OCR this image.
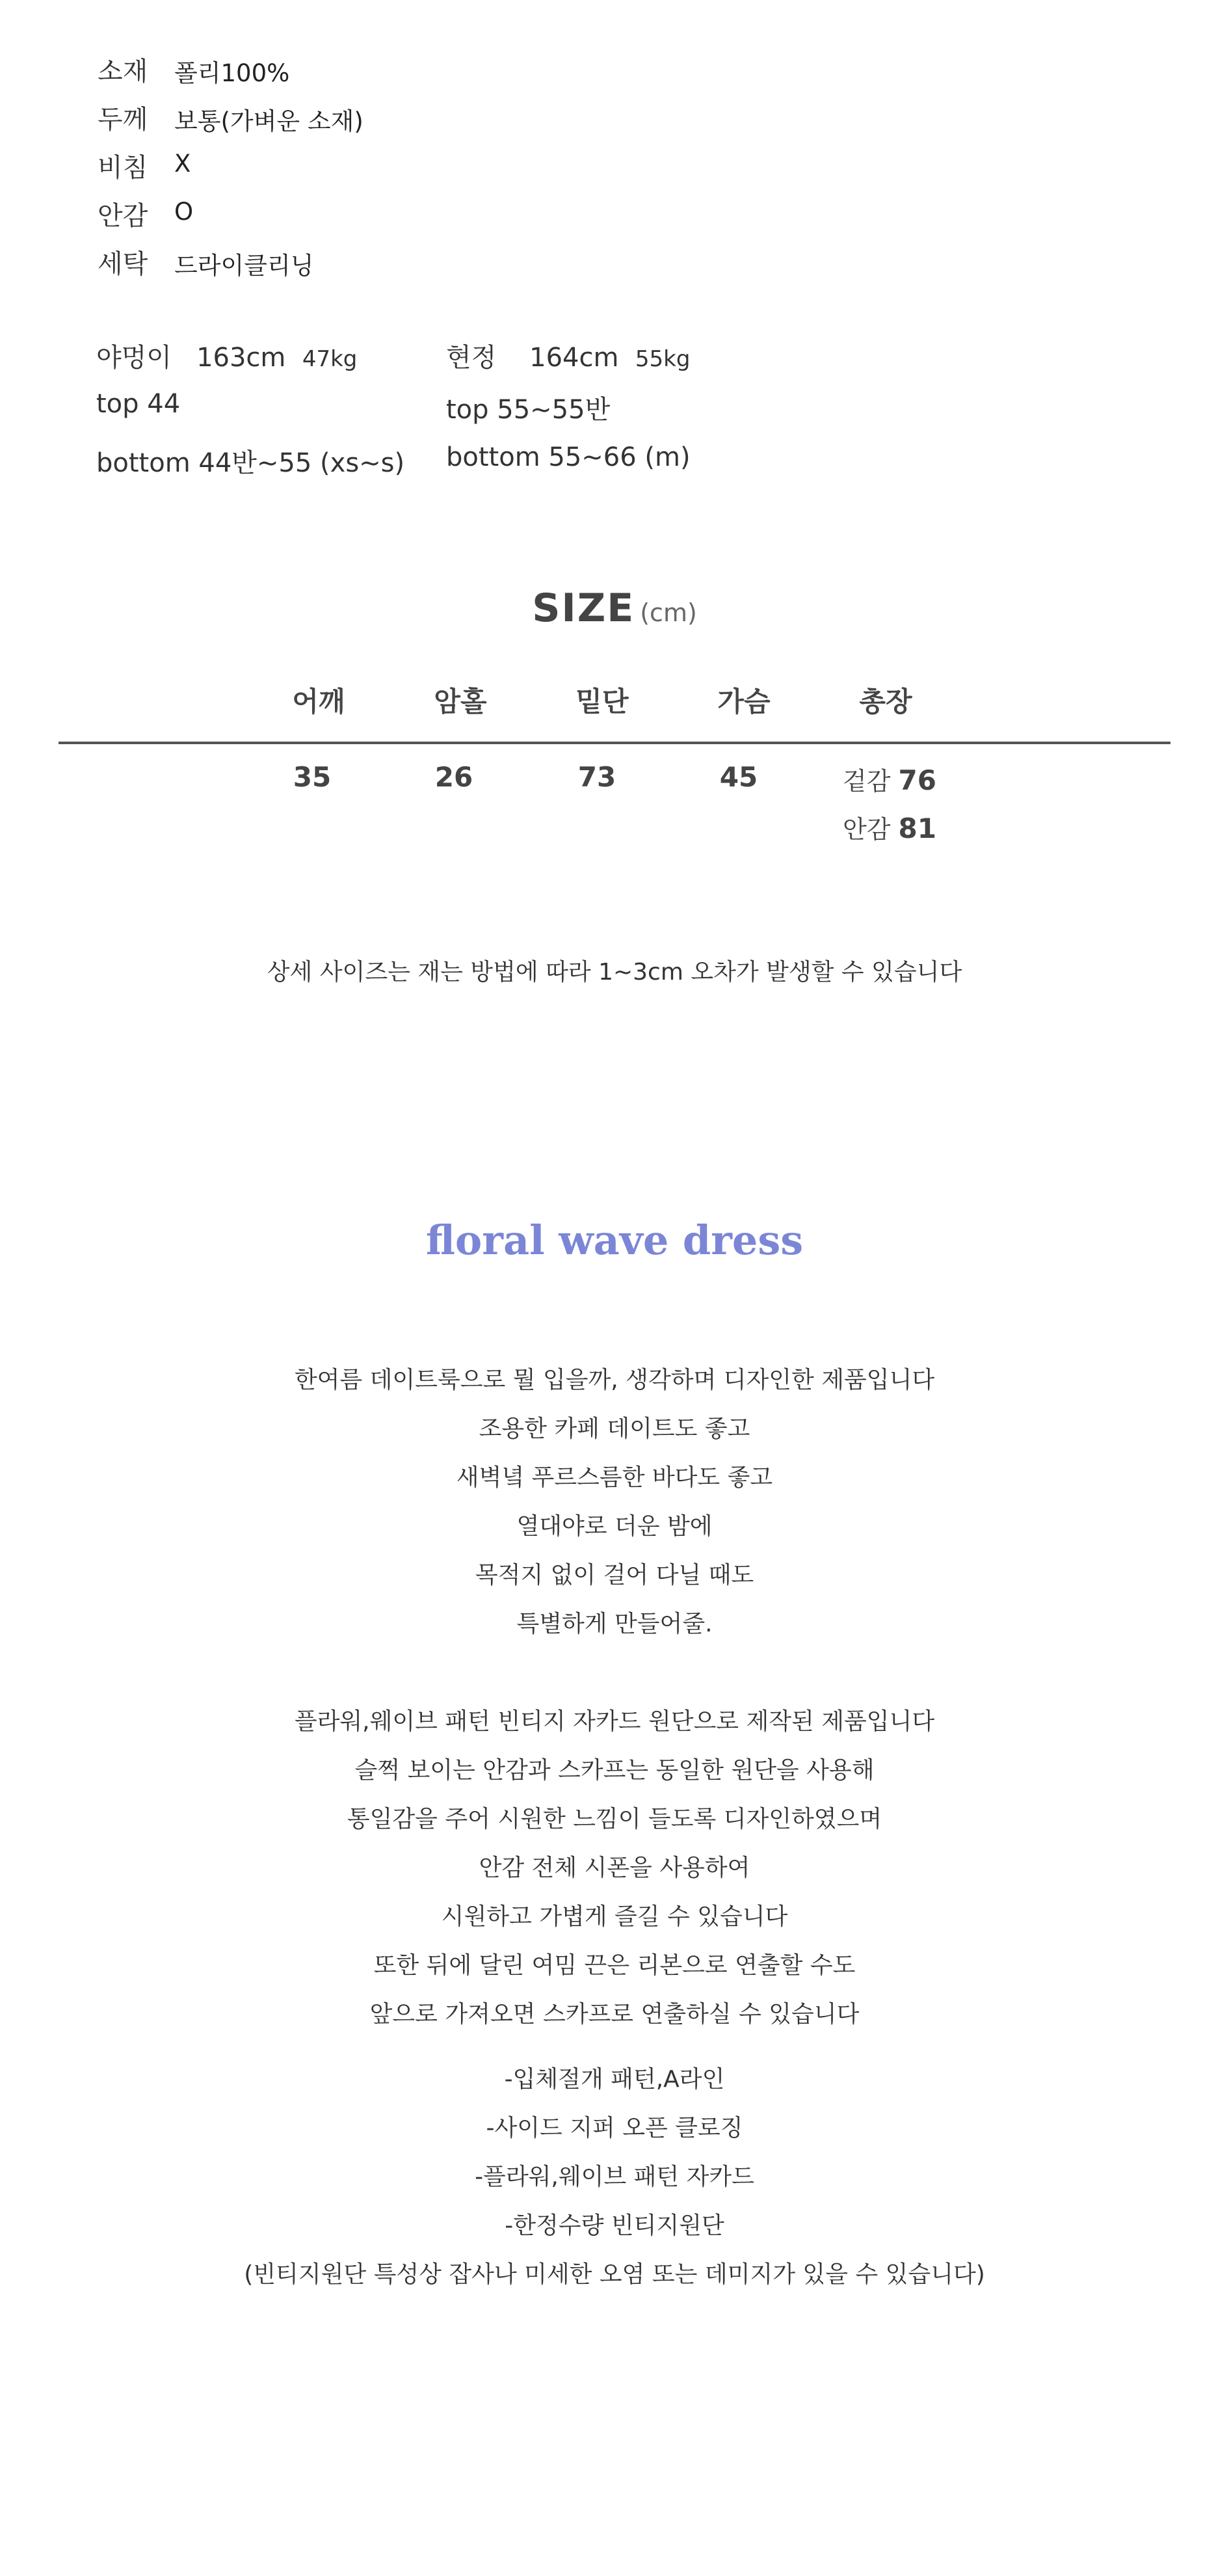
소재 폴리100%
두께 보통(가벼운 소재)
비침 X
안감 O
세탁 드라이클리닝
야멍이 163cm 47kg
top 44
bottom 44반~55 (xs~s)
현정 164cm 55kg
top 55~55반
bottom 55~66 (m)
SIZE (cm)
어깨	암홀	밑단	가슴	총장
35	26	73	45	겉감 76
안감 81
상세 사이즈는 재는 방법에 따라 1~3cm 오차가 발생할 수 있습니다
floral wave dress
한여름 데이트룩으로 뭘 입을까, 생각하며 디자인한 제품입니다
조용한 카페 데이트도 좋고
새벽녘 푸르스름한 바다도 좋고
열대야로 더운 밤에
목적지 없이 걸어 다닐 때도
특별하게 만들어줄.
플라워,웨이브 패턴 빈티지 자카드 원단으로 제작된 제품입니다
슬쩍 보이는 안감과 스카프는 동일한 원단을 사용해
통일감을 주어 시원한 느낌이 들도록 디자인하였으며
안감 전체 시폰을 사용하여
시원하고 가볍게 즐길 수 있습니다
또한 뒤에 달린 여밈 끈은 리본으로 연출할 수도
앞으로 가져오면 스카프로 연출하실 수 있습니다
-입체절개 패턴,A라인
-사이드 지퍼 오픈 클로징
-플라워,웨이브 패턴 자카드
-한정수량 빈티지원단
(빈티지원단 특성상 잡사나 미세한 오염 또는 데미지가 있을 수 있습니다)
